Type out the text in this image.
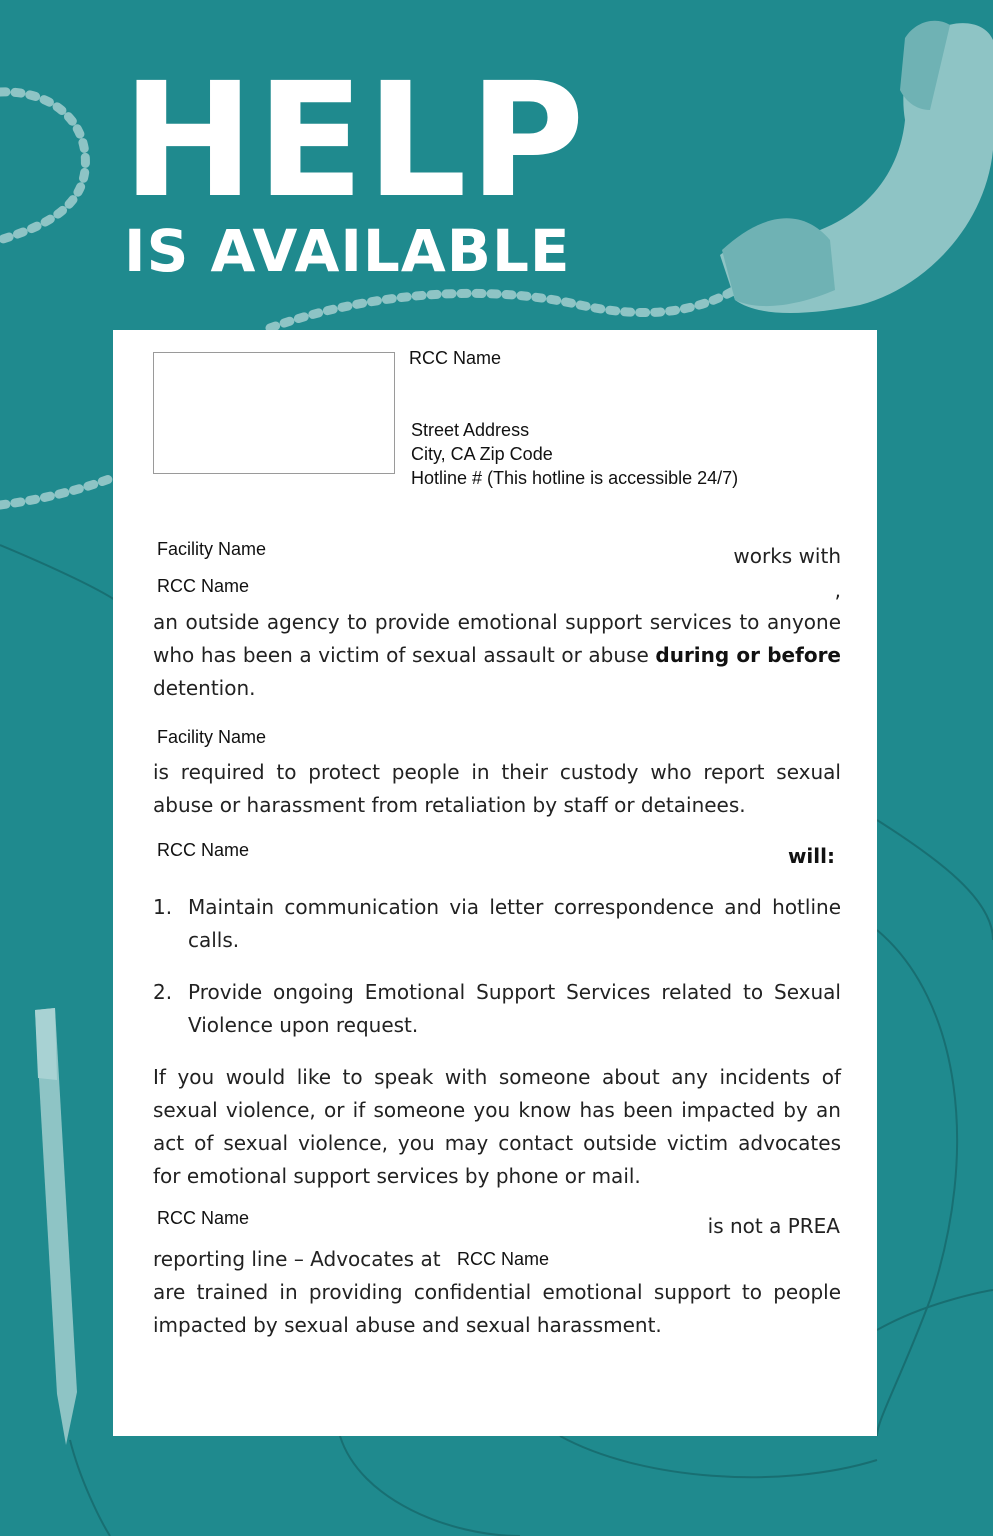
HELP
IS AVAILABLE
RCC Name
Street Address
City, CA Zip Code
Hotline # (This hotline is accessible 24/7)
Facility Name	works with
RCC Name	,
an outside agency to provide emotional support services to anyone who has been a victim of sexual assault or abuse during or before detention.
Facility Name
is required to protect people in their custody who report sexual abuse or harassment from retaliation by staff or detainees.
RCC Name	will:
1. Maintain communication via letter correspondence and hotline calls.
2. Provide ongoing Emotional Support Services related to Sexual Violence upon request.
If you would like to speak with someone about any incidents of sexual violence, or if someone you know has been impacted by an act of sexual violence, you may contact outside victim advocates for emotional support services by phone or mail.
RCC Name	is not a PREA
reporting line – Advocates at RCC Name
are trained in providing confidential emotional support to people impacted by sexual abuse and sexual harassment.
